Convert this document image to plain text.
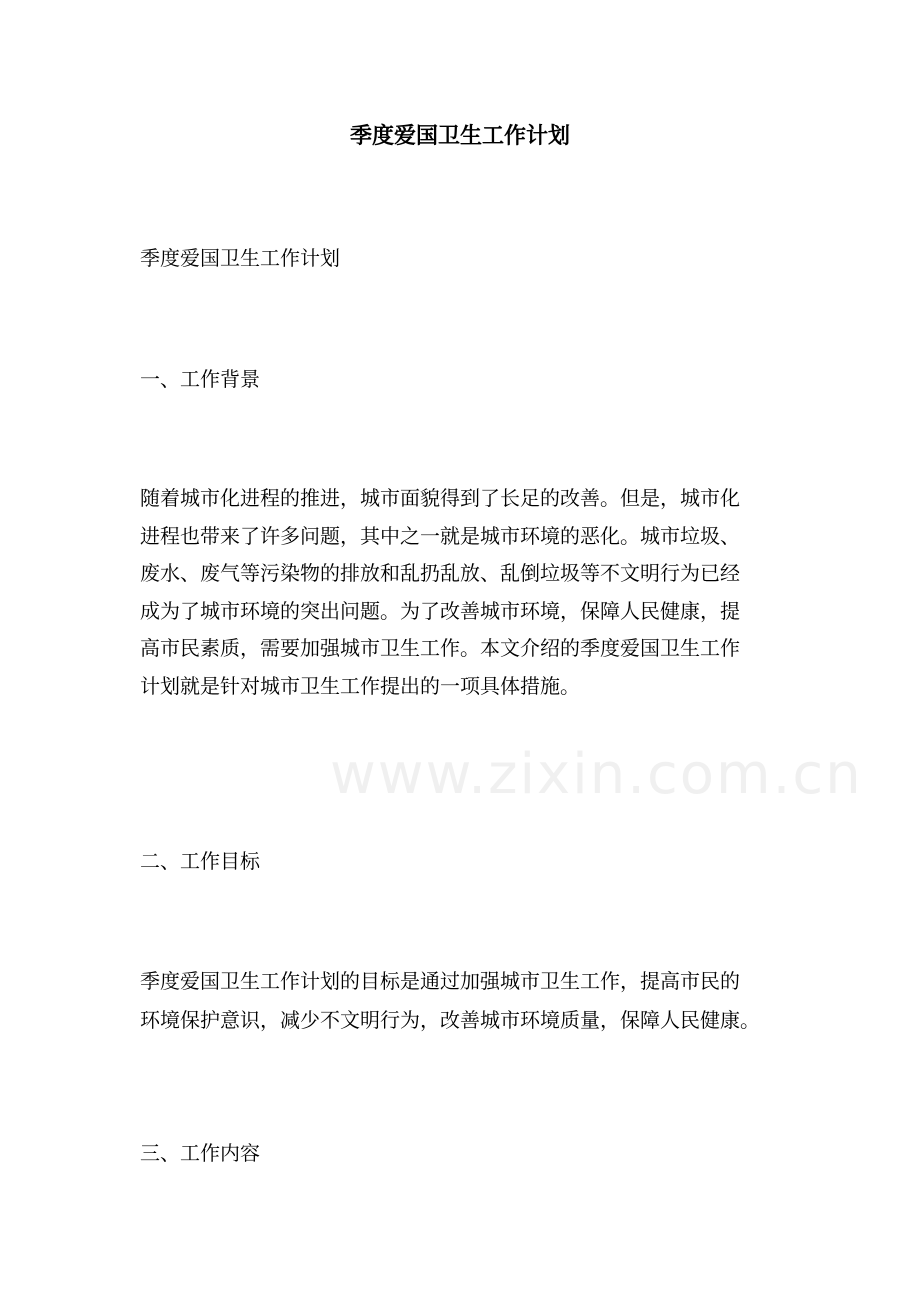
www.zixin.com.cn
季度爱国卫生工作计划
季度爱国卫生工作计划
一、工作背景
随着城市化进程的推进，城市面貌得到了长足的改善。但是，城市化
进程也带来了许多问题，其中之一就是城市环境的恶化。城市垃圾、
废水、废气等污染物的排放和乱扔乱放、乱倒垃圾等不文明行为已经
成为了城市环境的突出问题。为了改善城市环境，保障人民健康，提
高市民素质，需要加强城市卫生工作。本文介绍的季度爱国卫生工作
计划就是针对城市卫生工作提出的一项具体措施。
二、工作目标
季度爱国卫生工作计划的目标是通过加强城市卫生工作，提高市民的
环境保护意识，减少不文明行为，改善城市环境质量，保障人民健康。
三、工作内容
